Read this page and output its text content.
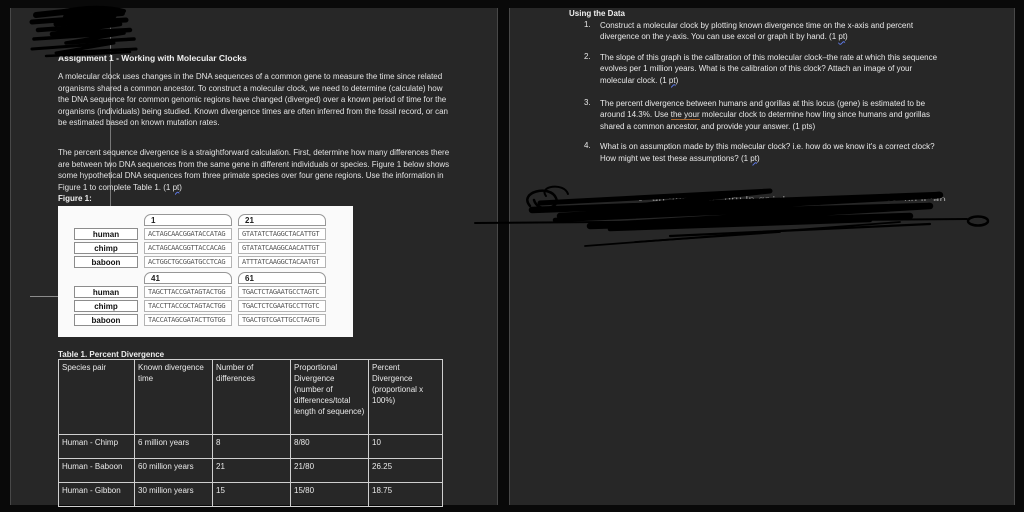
Assignment 1 - Working with Molecular Clocks
A molecular clock uses changes in the DNA sequences of a common gene to measure the time since related organisms shared a common ancestor. To construct a molecular clock, we need to determine (calculate) how the DNA sequence for common genomic regions have changed (diverged) over a known period of time for the organisms (individuals) being studied. Known divergence times are often inferred from the fossil record, or can be estimated based on known mutation rates.
The percent sequence divergence is a straightforward calculation. First, determine how many differences there are between two DNA sequences from the same gene in different individuals or species. Figure 1 below shows some hypothetical DNA sequences from three primate species over four gene regions. Use the information in Figure 1 to complete Table 1. (1 pt)
Figure 1:
1	21
human	ACTAGCAACGGATACCATAG	GTATATCTAGGCTACATTGT
chimp	ACTAGCAACGGTTACCACAG	GTATATCAAGGCAACATTGT
baboon	ACTGGCTGCGGATGCCTCAG	ATTTATCAAGGCTACAATGT
41	61
human	TAGCTTACCGATAGTACTGG	TGACTCTAGAATGCCTAGTC
chimp	TACCTTACCGCTAGTACTGG	TGACTCTCGAATGCCTTGTC
baboon	TACCATAGCGATACTTGTGG	TGACTGTCGATTGCCTAGTG
Table 1. Percent Divergence
Species pair	Known divergence time	Number of differences	Proportional Divergence (number of differences/total length of sequence)	Percent Divergence (proportional x 100%)
Human - Chimp	6 million years	8	8/80	10
Human - Baboon	60 million years	21	21/80	26.25
Human - Gibbon	30 million years	15	15/80	18.75
Using the Data
1.	Construct a molecular clock by plotting known divergence time on the x-axis and percent divergence on the y-axis. You can use excel or graph it by hand. (1 pt)
2.	The slope of this graph is the calibration of this molecular clock–the rate at which this sequence evolves per 1 million years. What is the calibration of this clock? Attach an image of your molecular clock. (1 pt)
3.	The percent divergence between humans and gorillas at this locus (gene) is estimated to be around 14.3%. Use the your molecular clock to determine how ling since humans and gorillas shared a common ancestor, and provide your answer. (1 pts)
4.	What is on assumption made by this molecular clock? i.e. how do we know it's a correct clock? How might we test these assumptions? (1 pt)
...sut
were
·· t · an ·fe· ·m ·g,' gru ln gr i d· ·c un nin / t un 1150 ·nn ll··an
